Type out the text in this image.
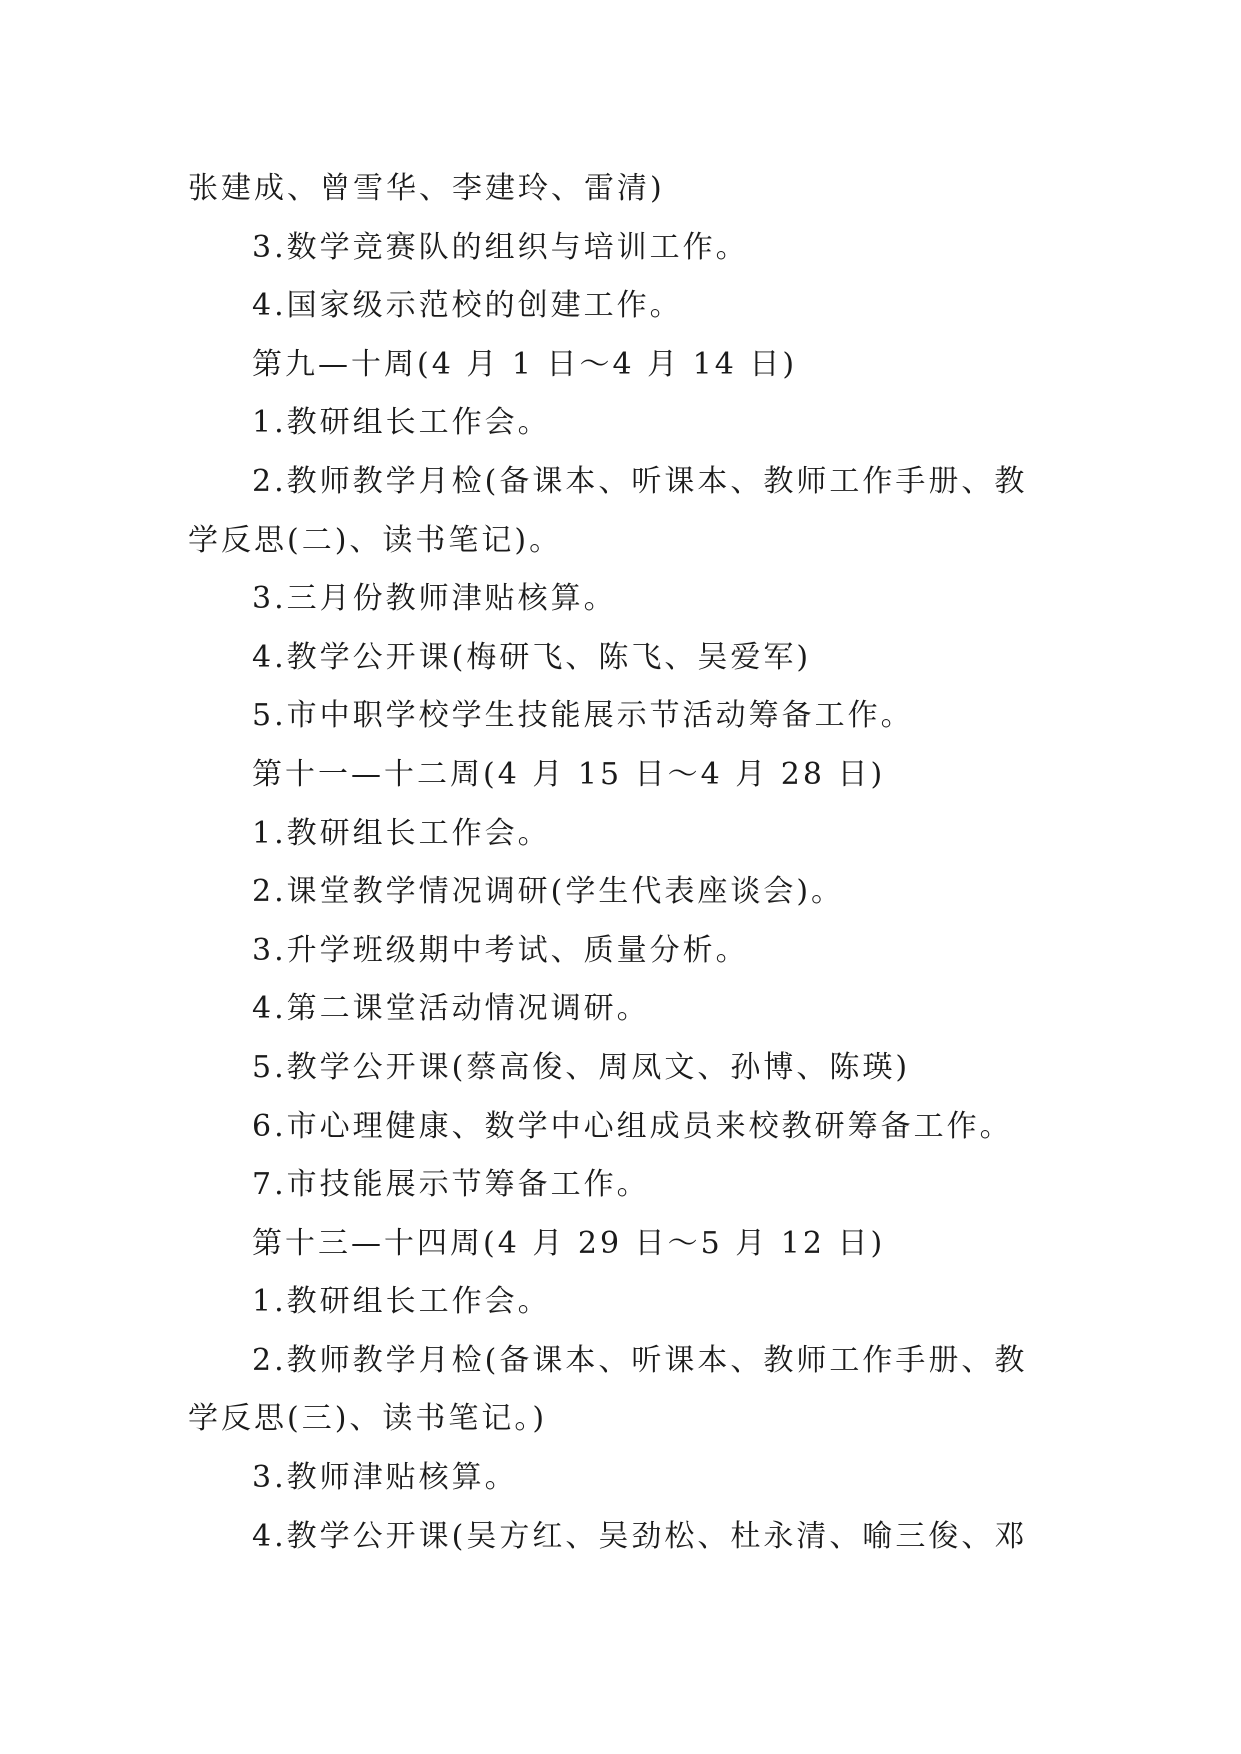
张建成、曾雪华、李建玲、雷清)
3.数学竞赛队的组织与培训工作。
4.国家级示范校的创建工作。
第九—十周(4 月 1 日～4 月 14 日)
1.教研组长工作会。
2.教师教学月检(备课本、听课本、教师工作手册、教
学反思(二)、读书笔记)。
3.三月份教师津贴核算。
4.教学公开课(梅研飞、陈飞、吴爱军)
5.市中职学校学生技能展示节活动筹备工作。
第十一—十二周(4 月 15 日～4 月 28 日)
1.教研组长工作会。
2.课堂教学情况调研(学生代表座谈会)。
3.升学班级期中考试、质量分析。
4.第二课堂活动情况调研。
5.教学公开课(蔡高俊、周凤文、孙博、陈瑛)
6.市心理健康、数学中心组成员来校教研筹备工作。
7.市技能展示节筹备工作。
第十三—十四周(4 月 29 日～5 月 12 日)
1.教研组长工作会。
2.教师教学月检(备课本、听课本、教师工作手册、教
学反思(三)、读书笔记。)
3.教师津贴核算。
4.教学公开课(吴方红、吴劲松、杜永清、喻三俊、邓
